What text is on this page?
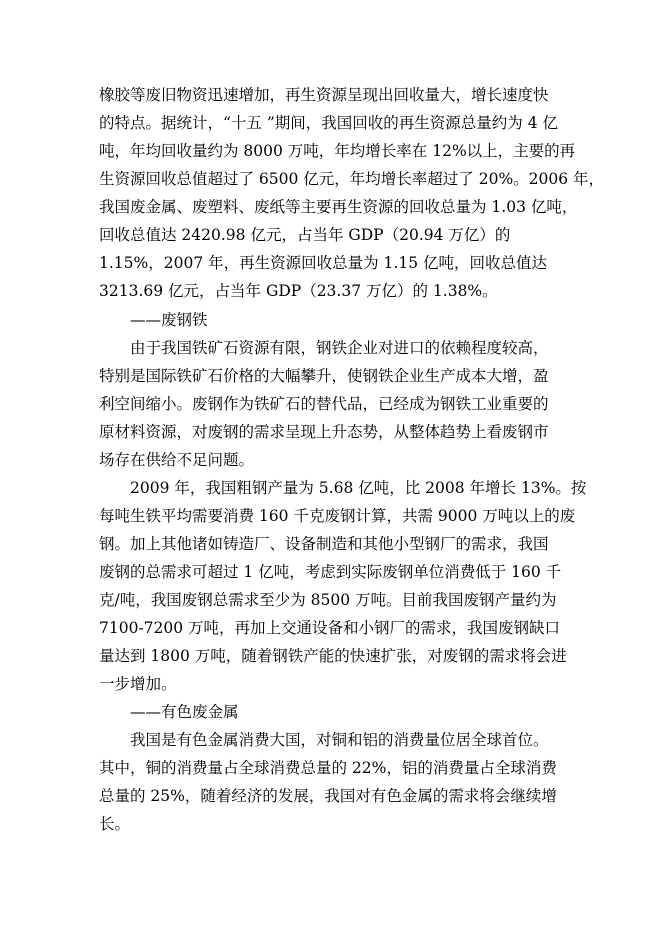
橡胶等废旧物资迅速增加，再生资源呈现出回收量大，增长速度快
的特点。据统计，“十五 ”期间，我国回收的再生资源总量约为 4 亿
吨，年均回收量约为 8000 万吨，年均增长率在 12%以上，主要的再
生资源回收总值超过了 6500 亿元，年均增长率超过了 20%。2006 年，
我国废金属、废塑料、废纸等主要再生资源的回收总量为 1.03 亿吨，
回收总值达 2420.98 亿元，占当年 GDP（20.94 万亿）的
1.15%，2007 年，再生资源回收总量为 1.15 亿吨，回收总值达
3213.69 亿元，占当年 GDP（23.37 万亿）的 1.38%。
——废钢铁
由于我国铁矿石资源有限，钢铁企业对进口的依赖程度较高，
特别是国际铁矿石价格的大幅攀升，使钢铁企业生产成本大增，盈
利空间缩小。废钢作为铁矿石的替代品，已经成为钢铁工业重要的
原材料资源，对废钢的需求呈现上升态势，从整体趋势上看废钢市
场存在供给不足问题。
2009 年，我国粗钢产量为 5.68 亿吨，比 2008 年增长 13%。按
每吨生铁平均需要消费 160 千克废钢计算，共需 9000 万吨以上的废
钢。加上其他诸如铸造厂、设备制造和其他小型钢厂的需求，我国
废钢的总需求可超过 1 亿吨，考虑到实际废钢单位消费低于 160 千
克/吨，我国废钢总需求至少为 8500 万吨。目前我国废钢产量约为
7100-7200 万吨，再加上交通设备和小钢厂的需求，我国废钢缺口
量达到 1800 万吨，随着钢铁产能的快速扩张，对废钢的需求将会进
一步增加。
——有色废金属
我国是有色金属消费大国，对铜和铝的消费量位居全球首位。
其中，铜的消费量占全球消费总量的 22%，铝的消费量占全球消费
总量的 25%，随着经济的发展，我国对有色金属的需求将会继续增
长。
